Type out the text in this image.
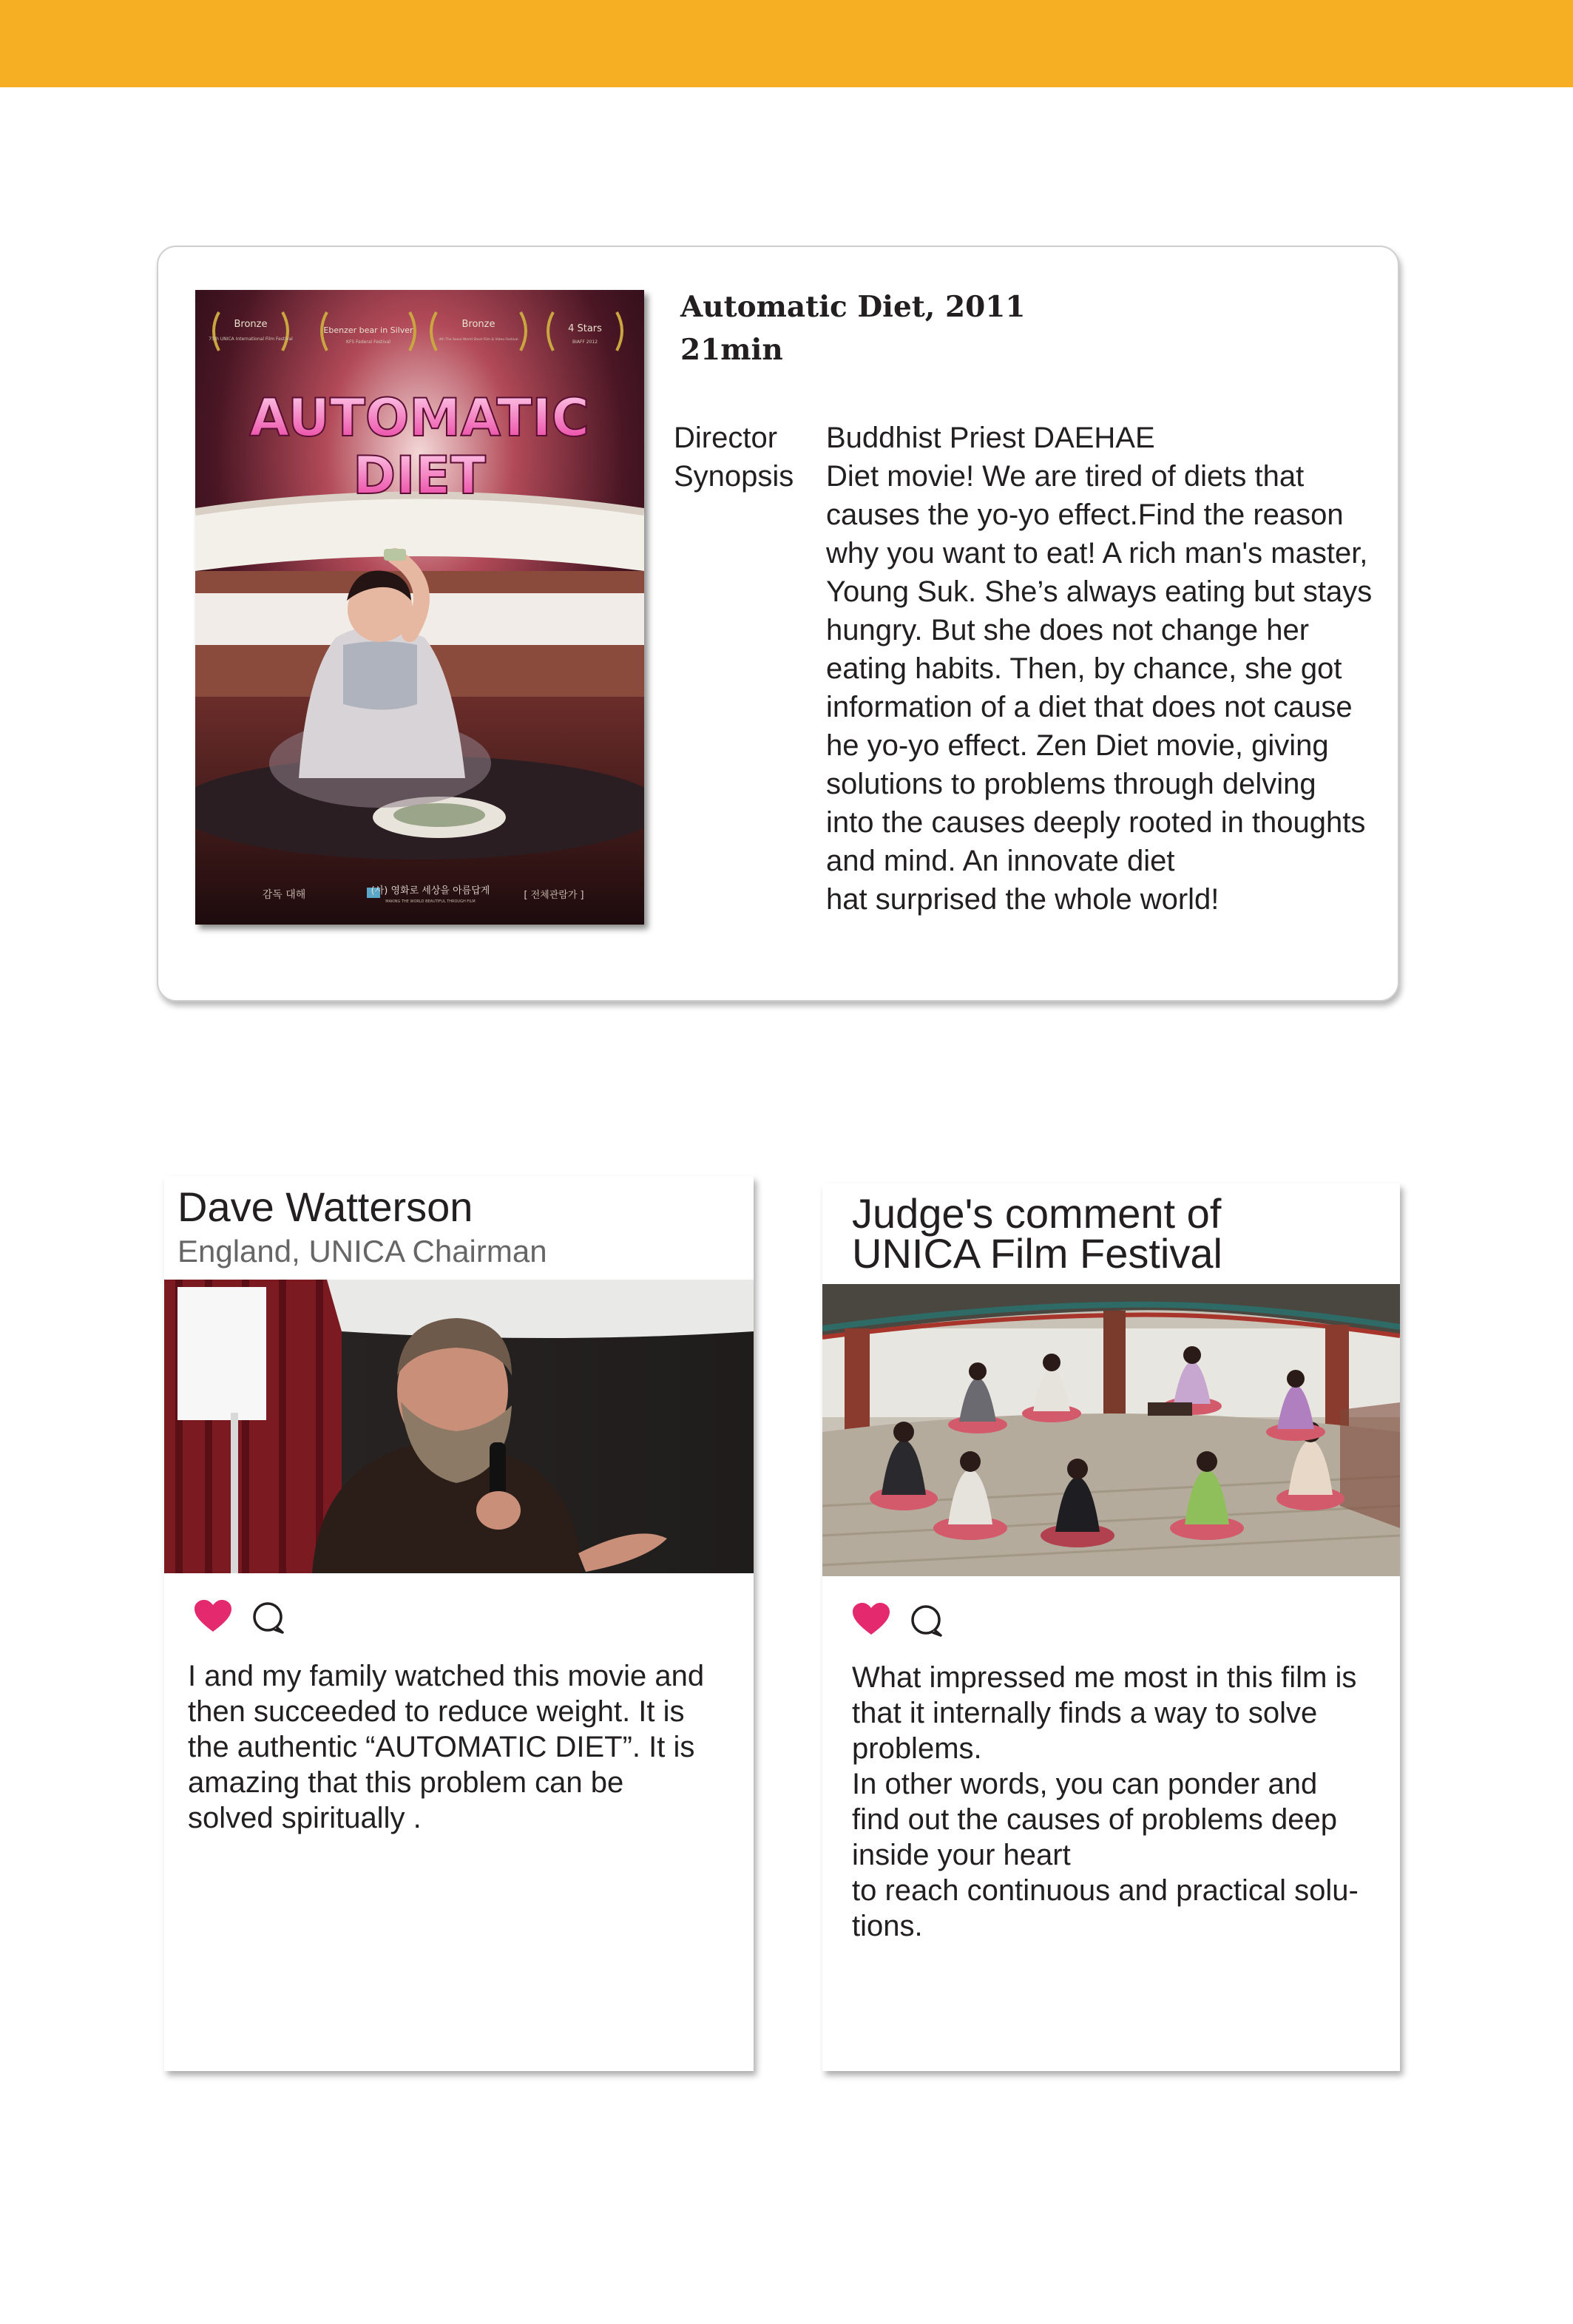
AUTOMATIC
DIET
Bronze
75th UNICA International Film Festival
Ebenzer bear in Silver
KFS Federal Festival
Bronze
4th The Seoul World Short Film & Video Festival
4 Stars
BIAFF 2012
감독 대해	(사) 영화로 세상을 아름답게
MAKING THE WORLD BEAUTIFUL THROUGH FILM
[ 전체관람가 ]
Automatic Diet, 2011
21min
Director Buddhist Priest DAEHAE
Synopsis Diet movie! We are tired of diets that
causes the yo-yo effect.Find the reason
why you want to eat! A rich man's master,
Young Suk. She’s always eating but stays
hungry. But she does not change her
eating habits. Then, by chance, she got
information of a diet that does not cause
he yo-yo effect. Zen Diet movie, giving
solutions to problems through delving
into the causes deeply rooted in thoughts
and mind. An innovate diet
hat surprised the whole world!
Dave Watterson
England, UNICA Chairman
I and my family watched this movie and
then succeeded to reduce weight. It is
the authentic “AUTOMATIC DIET”. It is
amazing that this problem can be
solved spiritually .
Judge's comment of
UNICA Film Festival
What impressed me most in this film is
that it internally finds a way to solve
problems.
In other words, you can ponder and
find out the causes of problems deep
inside your heart
to reach continuous and practical solu-
tions.
